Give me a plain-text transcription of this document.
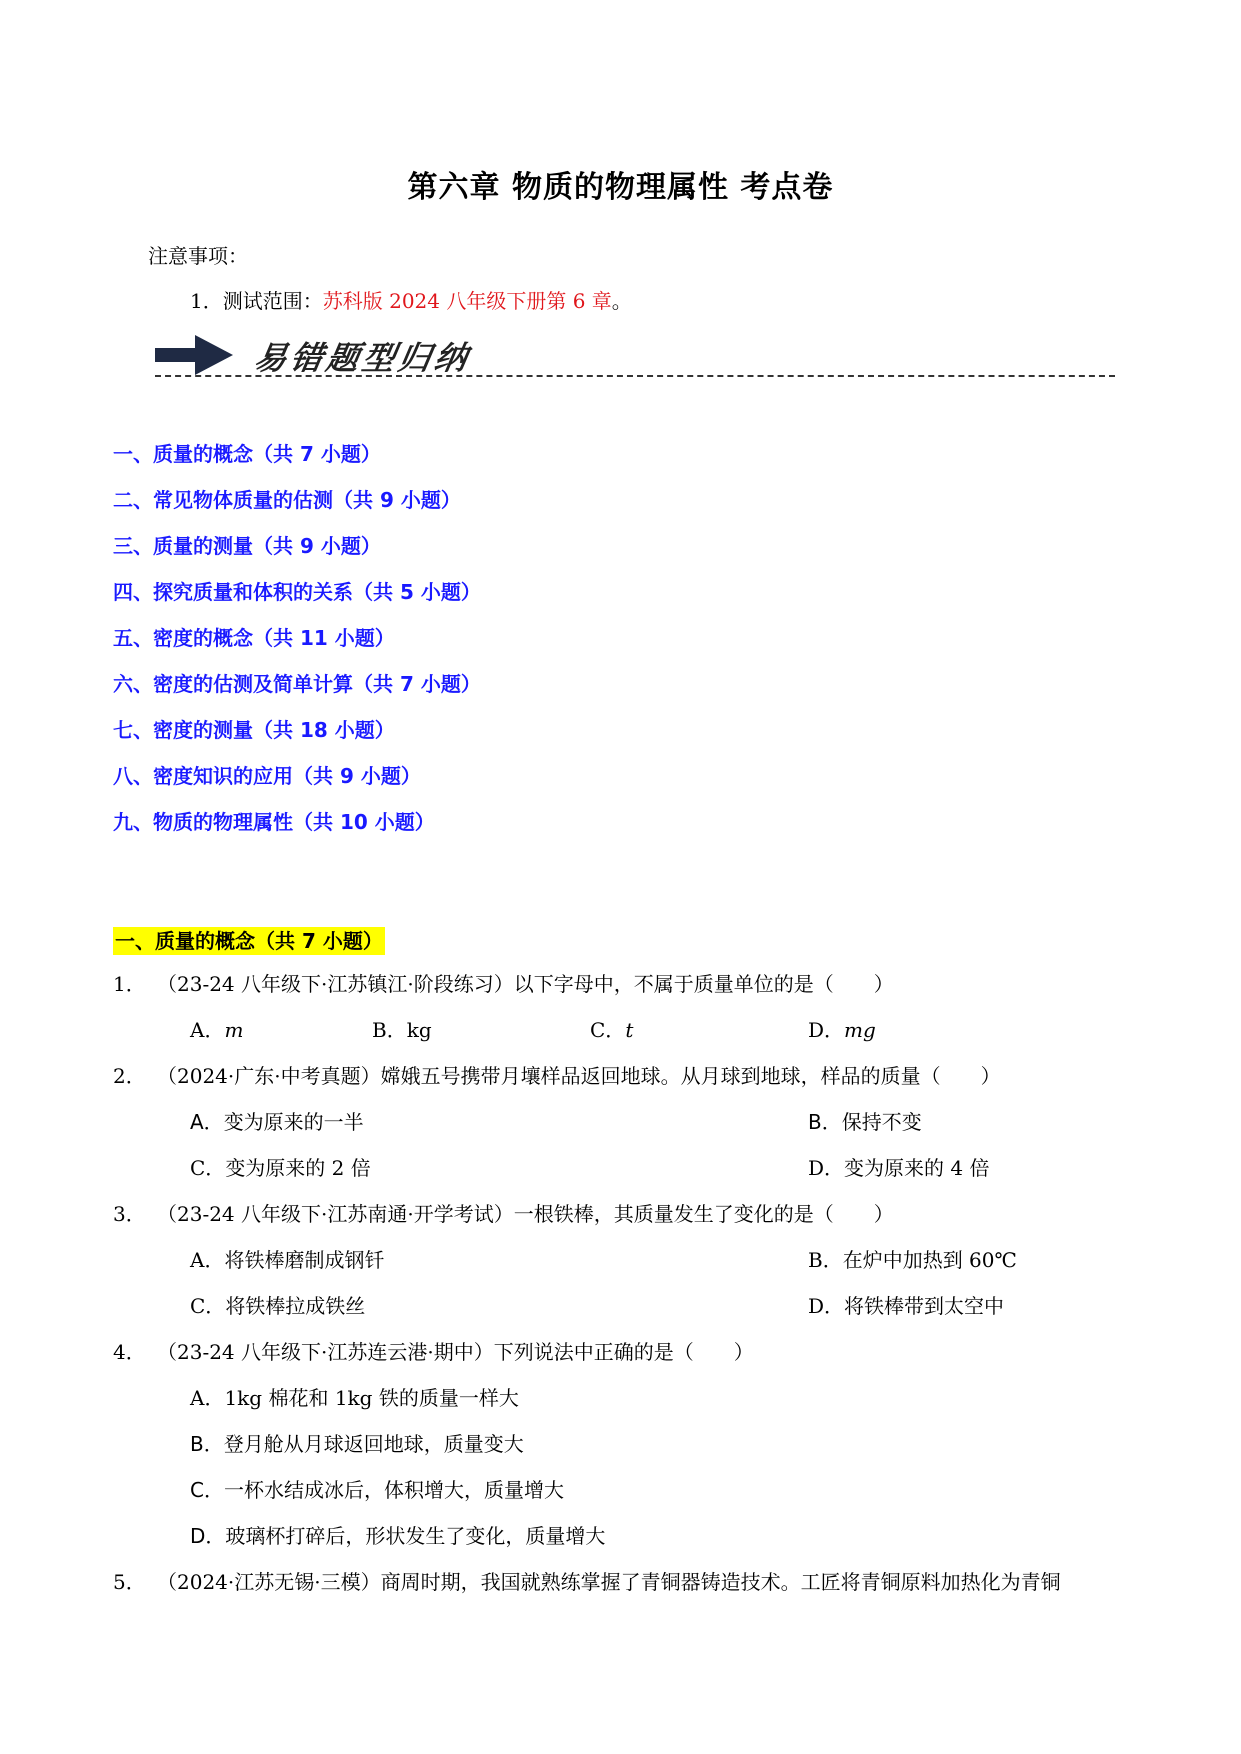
第六章 物质的物理属性 考点卷
注意事项：
1．测试范围：苏科版 2024 八年级下册第 6 章。
易错题型归纳
一、质量的概念（共 7 小题）
二、常见物体质量的估测（共 9 小题）
三、质量的测量（共 9 小题）
四、探究质量和体积的关系（共 5 小题）
五、密度的概念（共 11 小题）
六、密度的估测及简单计算（共 7 小题）
七、密度的测量（共 18 小题）
八、密度知识的应用（共 9 小题）
九、物质的物理属性（共 10 小题）
一、质量的概念（共 7 小题）
1． （23-24 八年级下·江苏镇江·阶段练习）以下字母中，不属于质量单位的是（　　）
A．m	B．kg	C．t	D．mg
2． （2024·广东·中考真题）嫦娥五号携带月壤样品返回地球。从月球到地球，样品的质量（　　）
A．变为原来的一半	B．保持不变
C．变为原来的 2 倍	D．变为原来的 4 倍
3． （23-24 八年级下·江苏南通·开学考试）一根铁棒，其质量发生了变化的是（　　）
A．将铁棒磨制成钢钎	B．在炉中加热到 60℃
C．将铁棒拉成铁丝	D．将铁棒带到太空中
4． （23-24 八年级下·江苏连云港·期中）下列说法中正确的是（　　）
A．1kg 棉花和 1kg 铁的质量一样大
B．登月舱从月球返回地球，质量变大
C．一杯水结成冰后，体积增大，质量增大
D．玻璃杯打碎后，形状发生了变化，质量增大
5． （2024·江苏无锡·三模）商周时期，我国就熟练掌握了青铜器铸造技术。工匠将青铜原料加热化为青铜
